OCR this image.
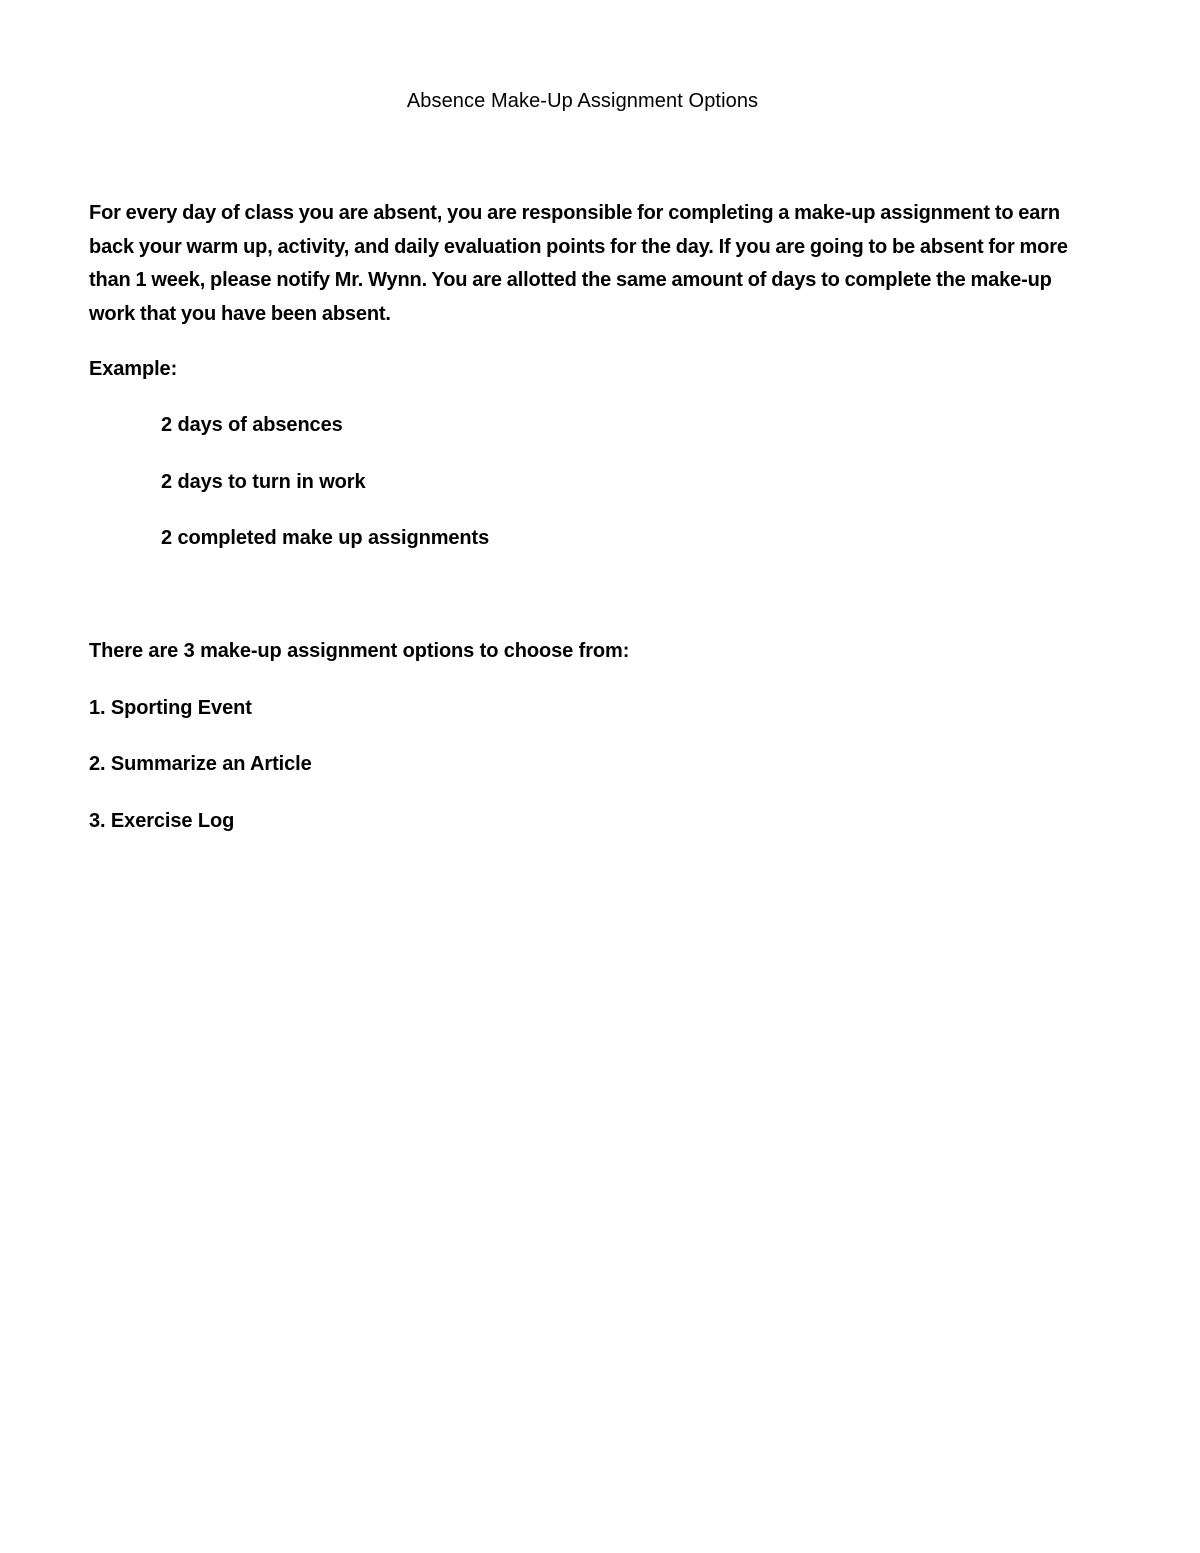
Absence Make-Up Assignment Options

For every day of class you are absent, you are responsible for completing a make-up assignment to earn back your warm up, activity, and daily evaluation points for the day. If you are going to be absent for more than 1 week, please notify Mr. Wynn. You are allotted the same amount of days to complete the make-up work that you have been absent.

Example:
2 days of absences
2 days to turn in work
2 completed make up assignments
There are 3 make-up assignment options to choose from:
1. Sporting Event
2. Summarize an Article
3. Exercise Log
